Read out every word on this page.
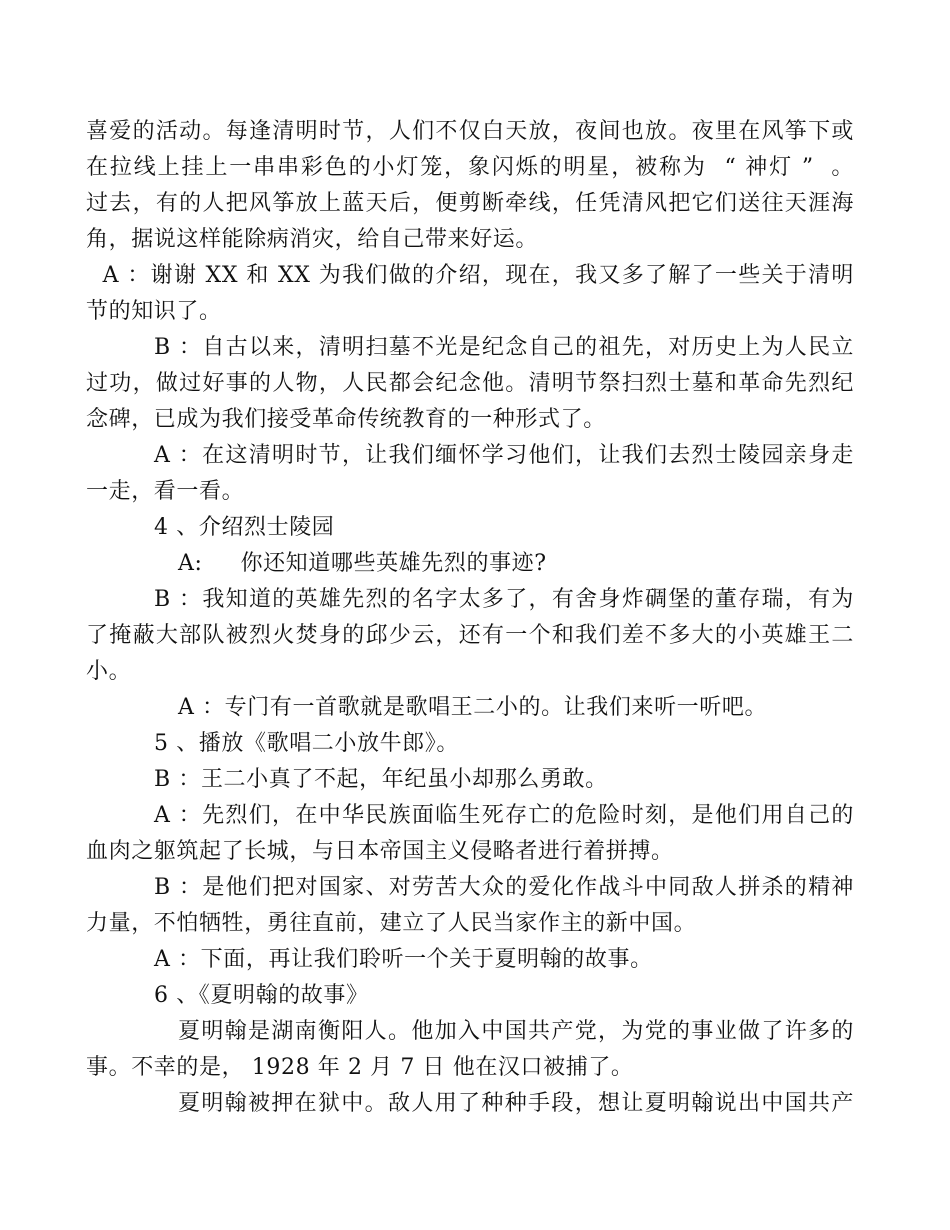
喜爱的活动。每逢清明时节，人们不仅白天放，夜间也放。夜里在风筝下或
在拉线上挂上一串串彩色的小灯笼，象闪烁的明星，被称为  “ 神灯 ”  。
过去，有的人把风筝放上蓝天后，便剪断牵线，任凭清风把它们送往天涯海
角，据说这样能除病消灾，给自己带来好运。
A ：谢谢 XX 和 XX 为我们做的介绍，现在，我又多了解了一些关于清明
节的知识了。
B ：自古以来，清明扫墓不光是纪念自己的祖先，对历史上为人民立
过功，做过好事的人物，人民都会纪念他。清明节祭扫烈士墓和革命先烈纪
念碑，已成为我们接受革命传统教育的一种形式了。
A ：在这清明时节，让我们缅怀学习他们，让我们去烈士陵园亲身走
一走，看一看。
4 、介绍烈士陵园
A:     你还知道哪些英雄先烈的事迹?
B ：我知道的英雄先烈的名字太多了，有舍身炸碉堡的董存瑞，有为
了掩蔽大部队被烈火焚身的邱少云，还有一个和我们差不多大的小英雄王二
小。
A ：专门有一首歌就是歌唱王二小的。让我们来听一听吧。
5 、播放《歌唱二小放牛郎》。
B ：王二小真了不起，年纪虽小却那么勇敢。
A ：先烈们，在中华民族面临生死存亡的危险时刻，是他们用自己的
血肉之躯筑起了长城，与日本帝国主义侵略者进行着拼搏。
B ：是他们把对国家、对劳苦大众的爱化作战斗中同敌人拼杀的精神
力量，不怕牺牲，勇往直前，建立了人民当家作主的新中国。
A ：下面，再让我们聆听一个关于夏明翰的故事。
6 、《夏明翰的故事》
夏明翰是湖南衡阳人。他加入中国共产党，为党的事业做了许多的
事。不幸的是， 1928 年 2 月 7 日 他在汉口被捕了。
夏明翰被押在狱中。敌人用了种种手段，想让夏明翰说出中国共产
